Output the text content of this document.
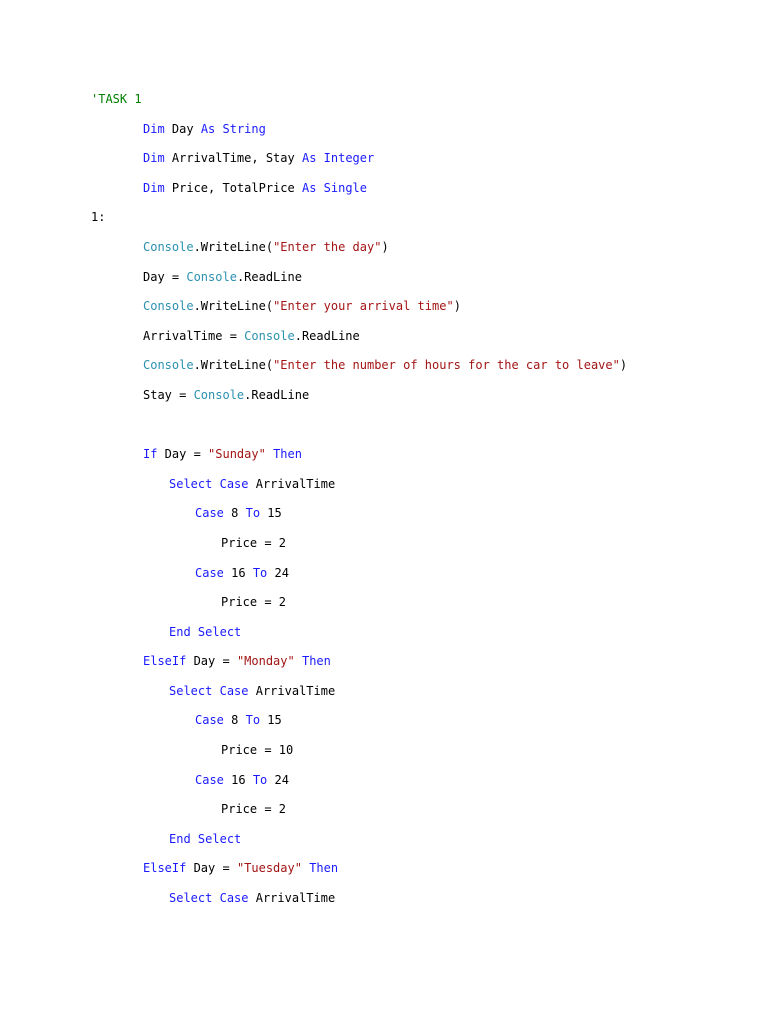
'TASK 1
Dim Day As String
Dim ArrivalTime, Stay As Integer
Dim Price, TotalPrice As Single
1:
Console.WriteLine("Enter the day")
Day = Console.ReadLine
Console.WriteLine("Enter your arrival time")
ArrivalTime = Console.ReadLine
Console.WriteLine("Enter the number of hours for the car to leave")
Stay = Console.ReadLine
If Day = "Sunday" Then
Select Case ArrivalTime
Case 8 To 15
Price = 2
Case 16 To 24
Price = 2
End Select
ElseIf Day = "Monday" Then
Select Case ArrivalTime
Case 8 To 15
Price = 10
Case 16 To 24
Price = 2
End Select
ElseIf Day = "Tuesday" Then
Select Case ArrivalTime
